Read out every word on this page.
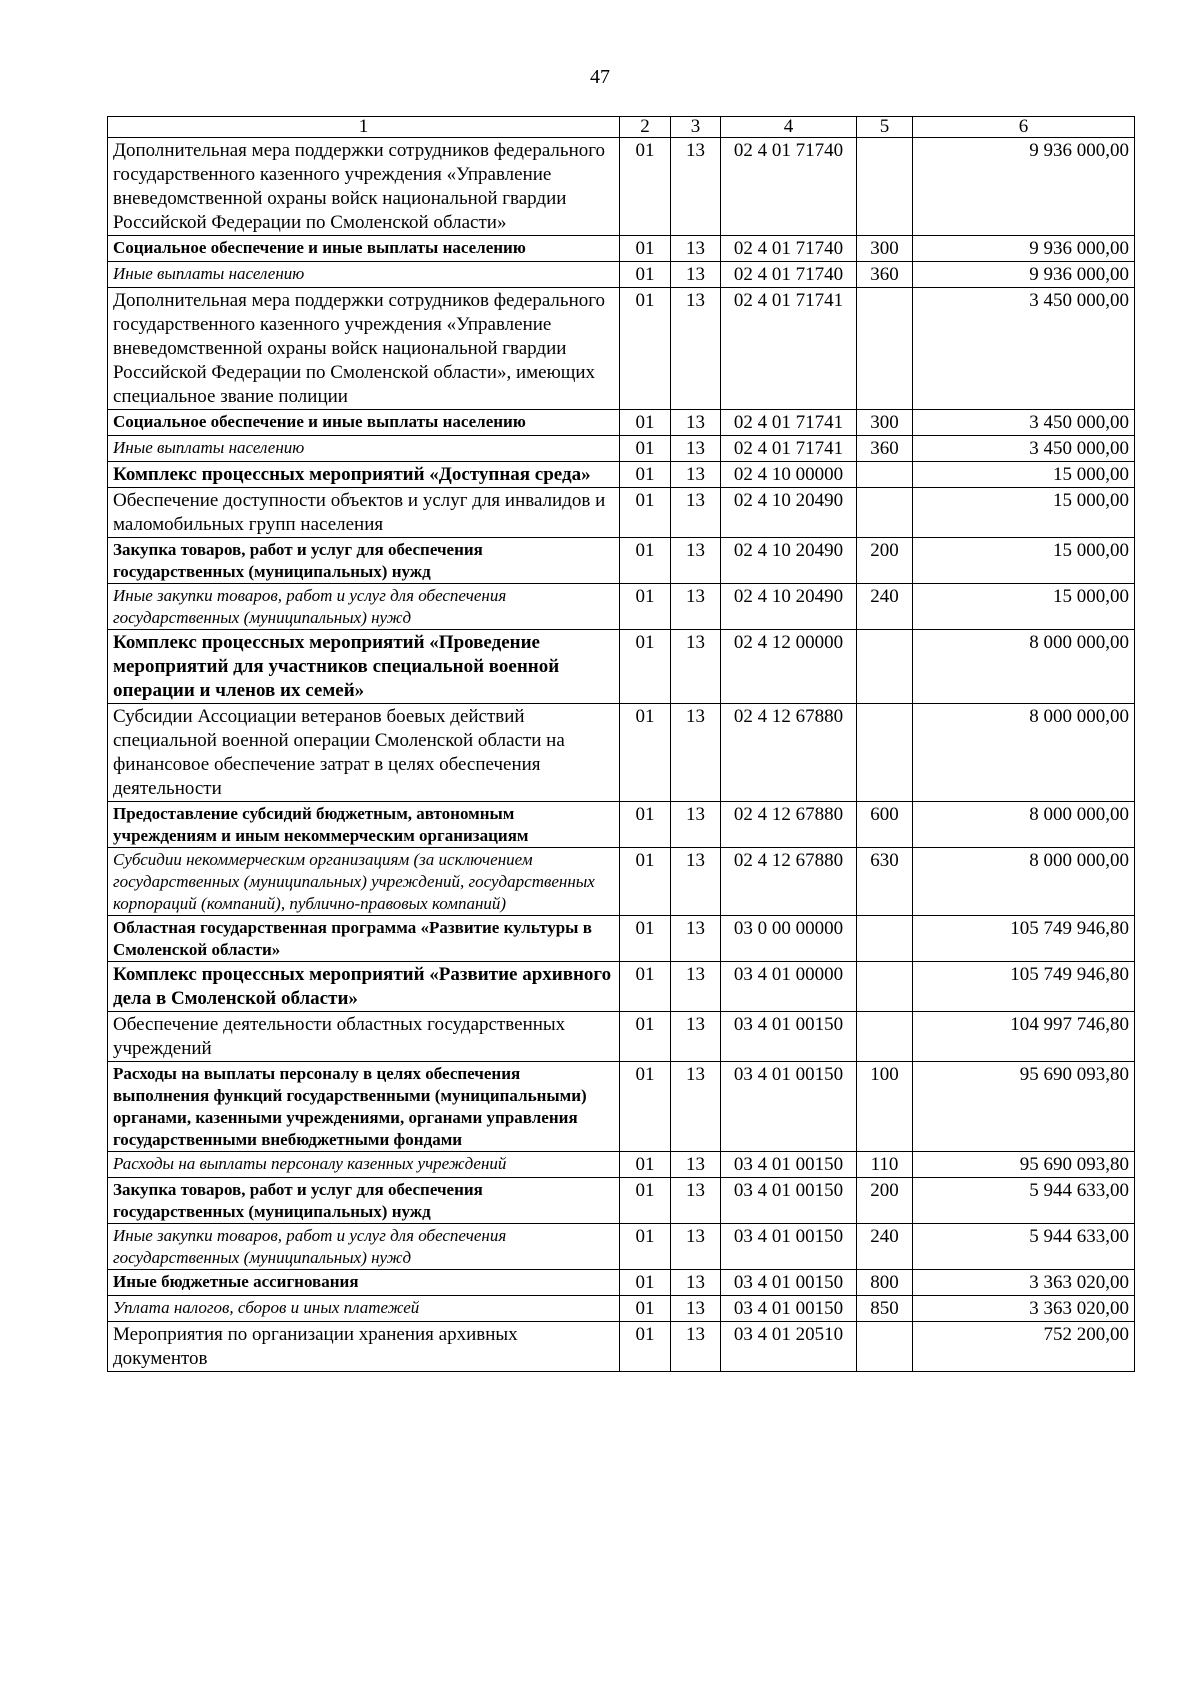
47
1	2	3	4	5	6
Дополнительная мера поддержки сотрудников федерального государственного казенного учреждения «Управление вневедомственной охраны войск национальной гвардии Российской Федерации по Смоленской области»	01	13	02 4 01 71740		9 936 000,00
Социальное обеспечение и иные выплаты населению	01	13	02 4 01 71740	300	9 936 000,00
Иные выплаты населению	01	13	02 4 01 71740	360	9 936 000,00
Дополнительная мера поддержки сотрудников федерального государственного казенного учреждения «Управление вневедомственной охраны войск национальной гвардии Российской Федерации по Смоленской области», имеющих специальное звание полиции	01	13	02 4 01 71741		3 450 000,00
Социальное обеспечение и иные выплаты населению	01	13	02 4 01 71741	300	3 450 000,00
Иные выплаты населению	01	13	02 4 01 71741	360	3 450 000,00
Комплекс процессных мероприятий «Доступная среда»	01	13	02 4 10 00000		15 000,00
Обеспечение доступности объектов и услуг для инвалидов и маломобильных групп населения	01	13	02 4 10 20490		15 000,00
Закупка товаров, работ и услуг для обеспечения государственных (муниципальных) нужд	01	13	02 4 10 20490	200	15 000,00
Иные закупки товаров, работ и услуг для обеспечения государственных (муниципальных) нужд	01	13	02 4 10 20490	240	15 000,00
Комплекс процессных мероприятий «Проведение мероприятий для участников специальной военной операции и членов их семей»	01	13	02 4 12 00000		8 000 000,00
Субсидии Ассоциации ветеранов боевых действий специальной военной операции Смоленской области на финансовое обеспечение затрат в целях обеспечения деятельности	01	13	02 4 12 67880		8 000 000,00
Предоставление субсидий бюджетным, автономным учреждениям и иным некоммерческим организациям	01	13	02 4 12 67880	600	8 000 000,00
Субсидии некоммерческим организациям (за исключением государственных (муниципальных) учреждений, государственных корпораций (компаний), публично-правовых компаний)	01	13	02 4 12 67880	630	8 000 000,00
Областная государственная программа «Развитие культуры в Смоленской области»	01	13	03 0 00 00000		105 749 946,80
Комплекс процессных мероприятий «Развитие архивного дела в Смоленской области»	01	13	03 4 01 00000		105 749 946,80
Обеспечение деятельности областных государственных учреждений	01	13	03 4 01 00150		104 997 746,80
Расходы на выплаты персоналу в целях обеспечения выполнения функций государственными (муниципальными) органами, казенными учреждениями, органами управления государственными внебюджетными фондами	01	13	03 4 01 00150	100	95 690 093,80
Расходы на выплаты персоналу казенных учреждений	01	13	03 4 01 00150	110	95 690 093,80
Закупка товаров, работ и услуг для обеспечения государственных (муниципальных) нужд	01	13	03 4 01 00150	200	5 944 633,00
Иные закупки товаров, работ и услуг для обеспечения государственных (муниципальных) нужд	01	13	03 4 01 00150	240	5 944 633,00
Иные бюджетные ассигнования	01	13	03 4 01 00150	800	3 363 020,00
Уплата налогов, сборов и иных платежей	01	13	03 4 01 00150	850	3 363 020,00
Мероприятия по организации хранения архивных документов	01	13	03 4 01 20510		752 200,00
